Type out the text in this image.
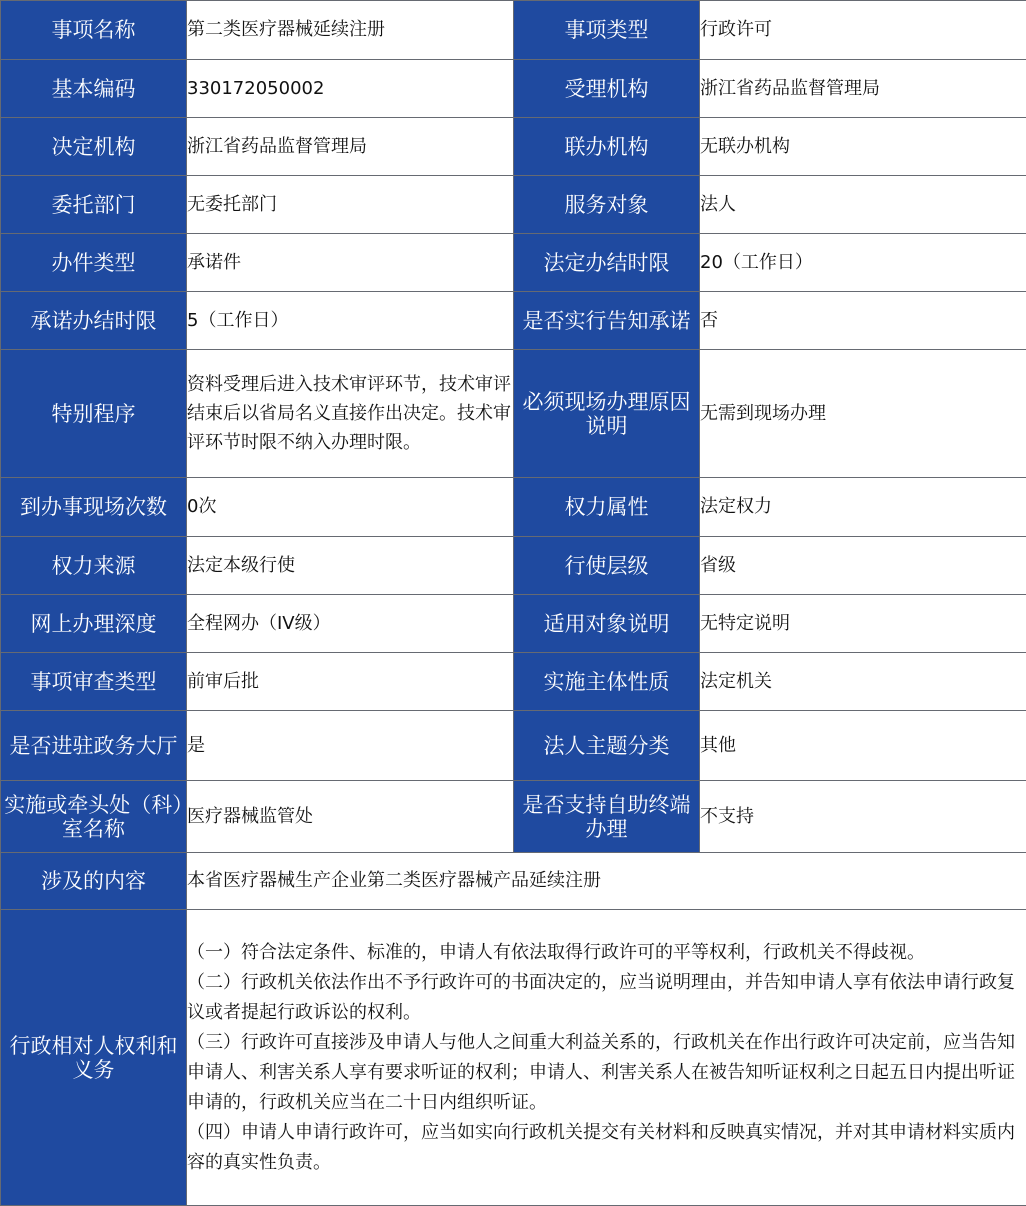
事项名称	第二类医疗器械延续注册	事项类型	行政许可
基本编码	330172050002	受理机构	浙江省药品监督管理局
决定机构	浙江省药品监督管理局	联办机构	无联办机构
委托部门	无委托部门	服务对象	法人
办件类型	承诺件	法定办结时限	20（工作日）
承诺办结时限	5（工作日）	是否实行告知承诺	否
特别程序	资料受理后进入技术审评环节，技术审评结束后以省局名义直接作出决定。技术审评环节时限不纳入办理时限。	必须现场办理原因说明	无需到现场办理
到办事现场次数	0次	权力属性	法定权力
权力来源	法定本级行使	行使层级	省级
网上办理深度	全程网办（IV级）	适用对象说明	无特定说明
事项审查类型	前审后批	实施主体性质	法定机关
是否进驻政务大厅	是	法人主题分类	其他
实施或牵头处（科）室名称	医疗器械监管处	是否支持自助终端办理	不支持
涉及的内容	本省医疗器械生产企业第二类医疗器械产品延续注册		
行政相对人权利和义务	（一）符合法定条件、标准的，申请人有依法取得行政许可的平等权利，行政机关不得歧视。
（二）行政机关依法作出不予行政许可的书面决定的，应当说明理由，并告知申请人享有依法申请行政复议或者提起行政诉讼的权利。
（三）行政许可直接涉及申请人与他人之间重大利益关系的，行政机关在作出行政许可决定前，应当告知申请人、利害关系人享有要求听证的权利；申请人、利害关系人在被告知听证权利之日起五日内提出听证申请的，行政机关应当在二十日内组织听证。
（四）申请人申请行政许可，应当如实向行政机关提交有关材料和反映真实情况，并对其申请材料实质内容的真实性负责。		
